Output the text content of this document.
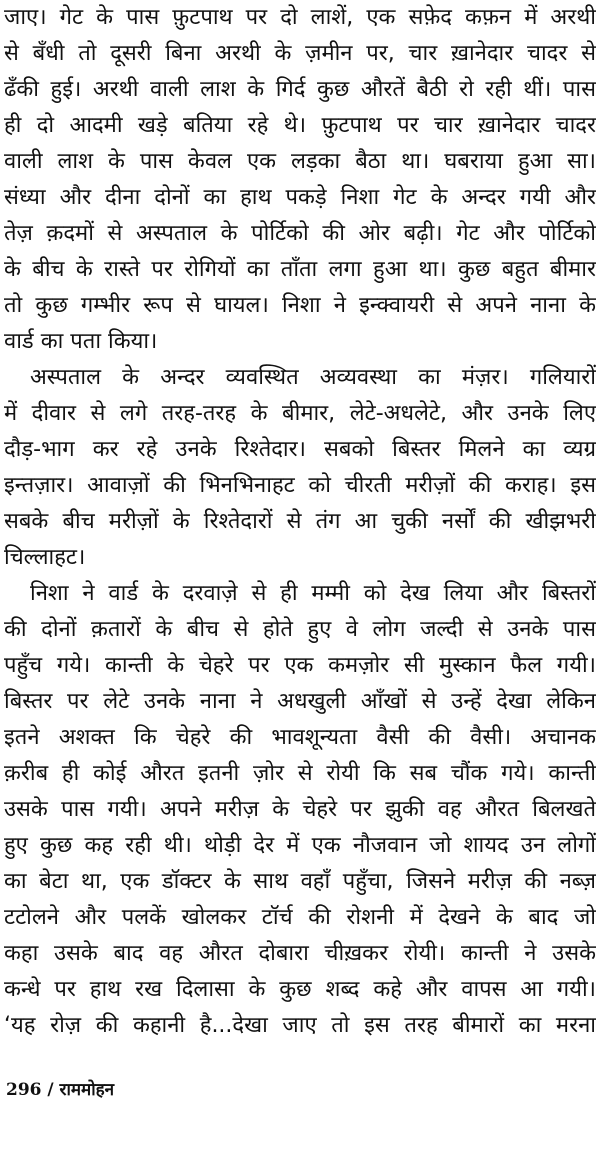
जाए। गेट के पास फ़ुटपाथ पर दो लाशें, एक सफ़ेद कफ़न में अरथी
से बँधी तो दूसरी बिना अरथी के ज़मीन पर, चार ख़ानेदार चादर से
ढँकी हुई। अरथी वाली लाश के गिर्द कुछ औरतें बैठी रो रही थीं। पास
ही दो आदमी खड़े बतिया रहे थे। फ़ुटपाथ पर चार ख़ानेदार चादर
वाली लाश के पास केवल एक लड़का बैठा था। घबराया हुआ सा।
संध्या और दीना दोनों का हाथ पकड़े निशा गेट के अन्दर गयी और
तेज़ क़दमों से अस्पताल के पोर्टिको की ओर बढ़ी। गेट और पोर्टिको
के बीच के रास्ते पर रोगियों का ताँता लगा हुआ था। कुछ बहुत बीमार
तो कुछ गम्भीर रूप से घायल। निशा ने इन्क्वायरी से अपने नाना के
वार्ड का पता किया।
अस्पताल के अन्दर व्यवस्थित अव्यवस्था का मंज़र। गलियारों
में दीवार से लगे तरह-तरह के बीमार, लेटे-अधलेटे, और उनके लिए
दौड़-भाग कर रहे उनके रिश्तेदार। सबको बिस्तर मिलने का व्यग्र
इन्तज़ार। आवाज़ों की भिनभिनाहट को चीरती मरीज़ों की कराह। इस
सबके बीच मरीज़ों के रिश्तेदारों से तंग आ चुकी नर्सों की खीझभरी
चिल्लाहट।
निशा ने वार्ड के दरवाज़े से ही मम्मी को देख लिया और बिस्तरों
की दोनों क़तारों के बीच से होते हुए वे लोग जल्दी से उनके पास
पहुँच गये। कान्ती के चेहरे पर एक कमज़ोर सी मुस्कान फैल गयी।
बिस्तर पर लेटे उनके नाना ने अधखुली आँखों से उन्हें देखा लेकिन
इतने अशक्त कि चेहरे की भावशून्यता वैसी की वैसी। अचानक
क़रीब ही कोई औरत इतनी ज़ोर से रोयी कि सब चौंक गये। कान्ती
उसके पास गयी। अपने मरीज़ के चेहरे पर झुकी वह औरत बिलखते
हुए कुछ कह रही थी। थोड़ी देर में एक नौजवान जो शायद उन लोगों
का बेटा था, एक डॉक्टर के साथ वहाँ पहुँचा, जिसने मरीज़ की नब्ज़
टटोलने और पलकें खोलकर टॉर्च की रोशनी में देखने के बाद जो
कहा उसके बाद वह औरत दोबारा चीख़कर रोयी। कान्ती ने उसके
कन्धे पर हाथ रख दिलासा के कुछ शब्द कहे और वापस आ गयी।
‘यह रोज़ की कहानी है...देखा जाए तो इस तरह बीमारों का मरना
296 / राममोहन
